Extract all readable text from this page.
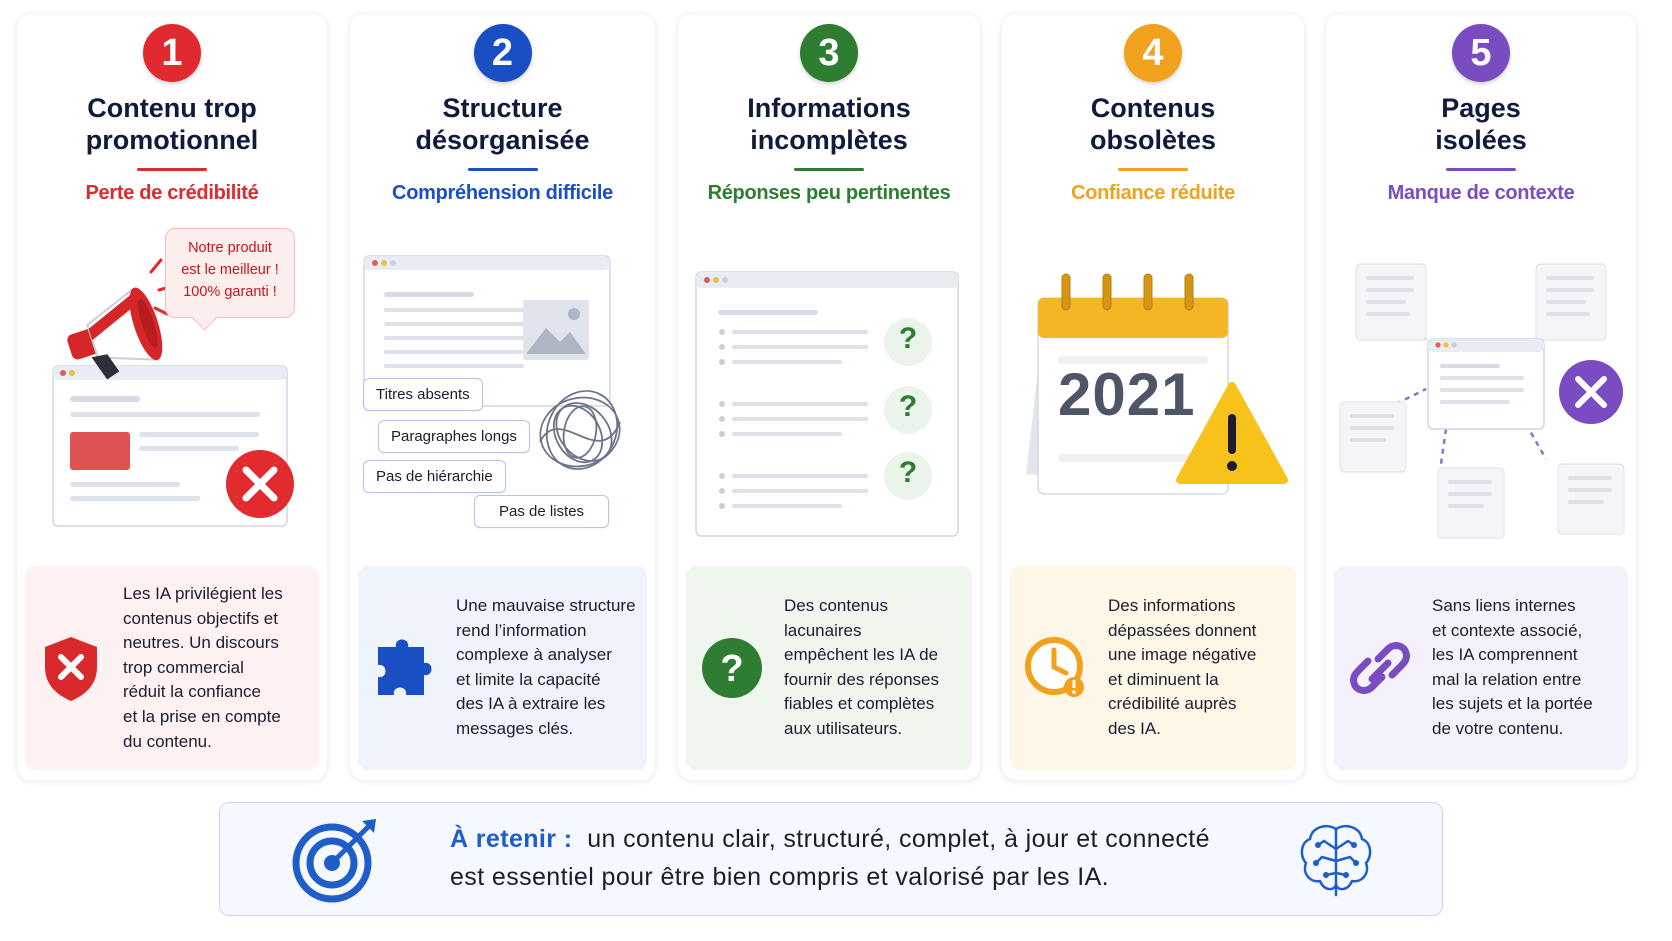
1
Contenu trop
promotionnel
Perte de crédibilité
Notre produit
est le meilleur !
100% garanti !
Les IA privilégient les
contenus objectifs et
neutres. Un discours
trop commercial
réduit la confiance
et la prise en compte
du contenu.
2
Structure
désorganisée
Compréhension difficile
Titres absents
Paragraphes longs
Pas de hiérarchie
Pas de listes
Une mauvaise structure
rend l’information
complexe à analyser
et limite la capacité
des IA à extraire les
messages clés.
3
Informations
incomplètes
Réponses peu pertinentes
?
?
?
?
Des contenus lacunaires
empêchent les IA de
fournir des réponses
fiables et complètes
aux utilisateurs.
4
Contenus
obsolètes
Confiance réduite
2021
Des informations
dépassées donnent
une image négative
et diminuent la
crédibilité auprès
des IA.
5
Pages
isolées
Manque de contexte
Sans liens internes
et contexte associé,
les IA comprennent
mal la relation entre
les sujets et la portée
de votre contenu.
À retenir : un contenu clair, structuré, complet, à jour et connecté
est essentiel pour être bien compris et valorisé par les IA.
